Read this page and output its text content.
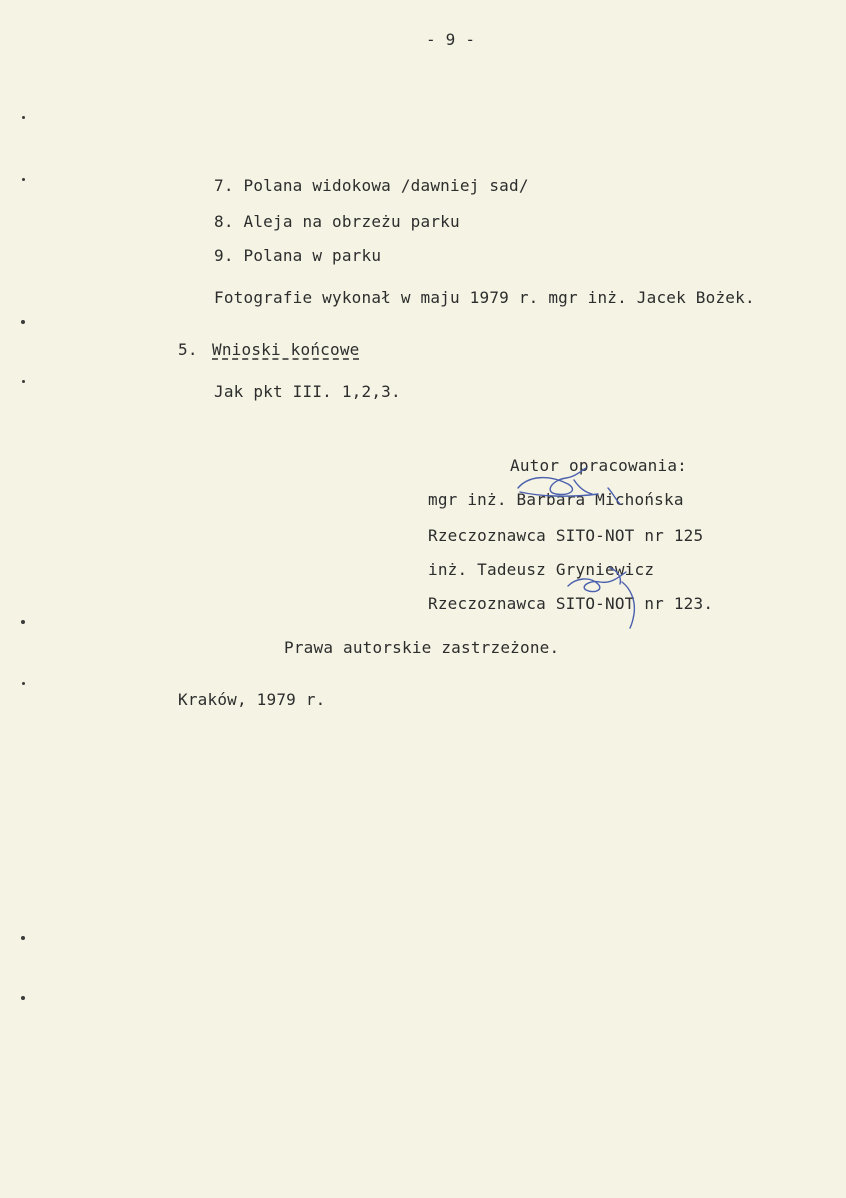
- 9 -
7. Polana widokowa /dawniej sad/
8. Aleja na obrzeżu parku
9. Polana w parku
Fotografie wykonał w maju 1979 r. mgr inż. Jacek Bożek.
5. Wnioski końcowe
Jak pkt III. 1,2,3.
Autor opracowania:
mgr inż. Barbara Michońska
Rzeczoznawca SITO-NOT nr 125
inż. Tadeusz Gryniewicz
Rzeczoznawca SITO-NOT nr 123.
Prawa autorskie zastrzeżone.
Kraków, 1979 r.
